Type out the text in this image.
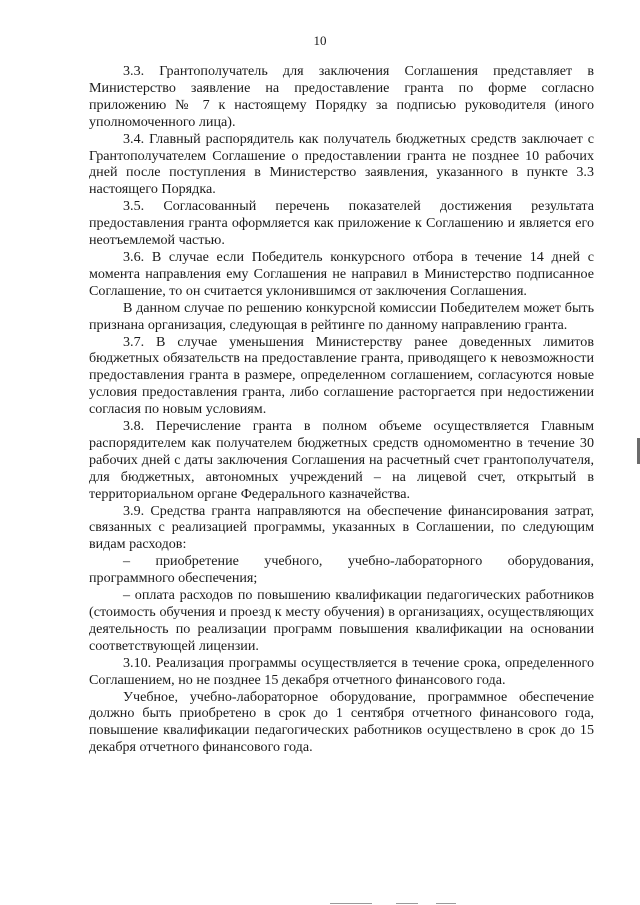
10

3.3. Грантополучатель для заключения Соглашения представляет в Министерство заявление на предоставление гранта по форме согласно приложению № 7 к настоящему Порядку за подписью руководителя (иного уполномоченного лица).

3.4. Главный распорядитель как получатель бюджетных средств заключает с Грантополучателем Соглашение о предоставлении гранта не позднее 10 рабочих дней после поступления в Министерство заявления, указанного в пункте 3.3 настоящего Порядка.

3.5. Согласованный перечень показателей достижения результата предоставления гранта оформляется как приложение к Соглашению и является его неотъемлемой частью.

3.6. В случае если Победитель конкурсного отбора в течение 14 дней с момента направления ему Соглашения не направил в Министерство подписанное Соглашение, то он считается уклонившимся от заключения Соглашения.

В данном случае по решению конкурсной комиссии Победителем может быть признана организация, следующая в рейтинге по данному направлению гранта.

3.7. В случае уменьшения Министерству ранее доведенных лимитов бюджетных обязательств на предоставление гранта, приводящего к невозможности предоставления гранта в размере, определенном соглашением, согласуются новые условия предоставления гранта, либо соглашение расторгается при недостижении согласия по новым условиям.

3.8. Перечисление гранта в полном объеме осуществляется Главным распорядителем как получателем бюджетных средств одномоментно в течение 30 рабочих дней с даты заключения Соглашения на расчетный счет грантополучателя, для бюджетных, автономных учреждений – на лицевой счет, открытый в территориальном органе Федерального казначейства.

3.9. Средства гранта направляются на обеспечение финансирования затрат, связанных с реализацией программы, указанных в Соглашении, по следующим видам расходов:

– приобретение учебного, учебно-лабораторного оборудования, программного обеспечения;

– оплата расходов по повышению квалификации педагогических работников (стоимость обучения и проезд к месту обучения) в организациях, осуществляющих деятельность по реализации программ повышения квалификации на основании соответствующей лицензии.

3.10. Реализация программы осуществляется в течение срока, определенного Соглашением, но не позднее 15 декабря отчетного финансового года.

Учебное, учебно-лабораторное оборудование, программное обеспечение должно быть приобретено в срок до 1 сентября отчетного финансового года, повышение квалификации педагогических работников осуществлено в срок до 15 декабря отчетного финансового года.
